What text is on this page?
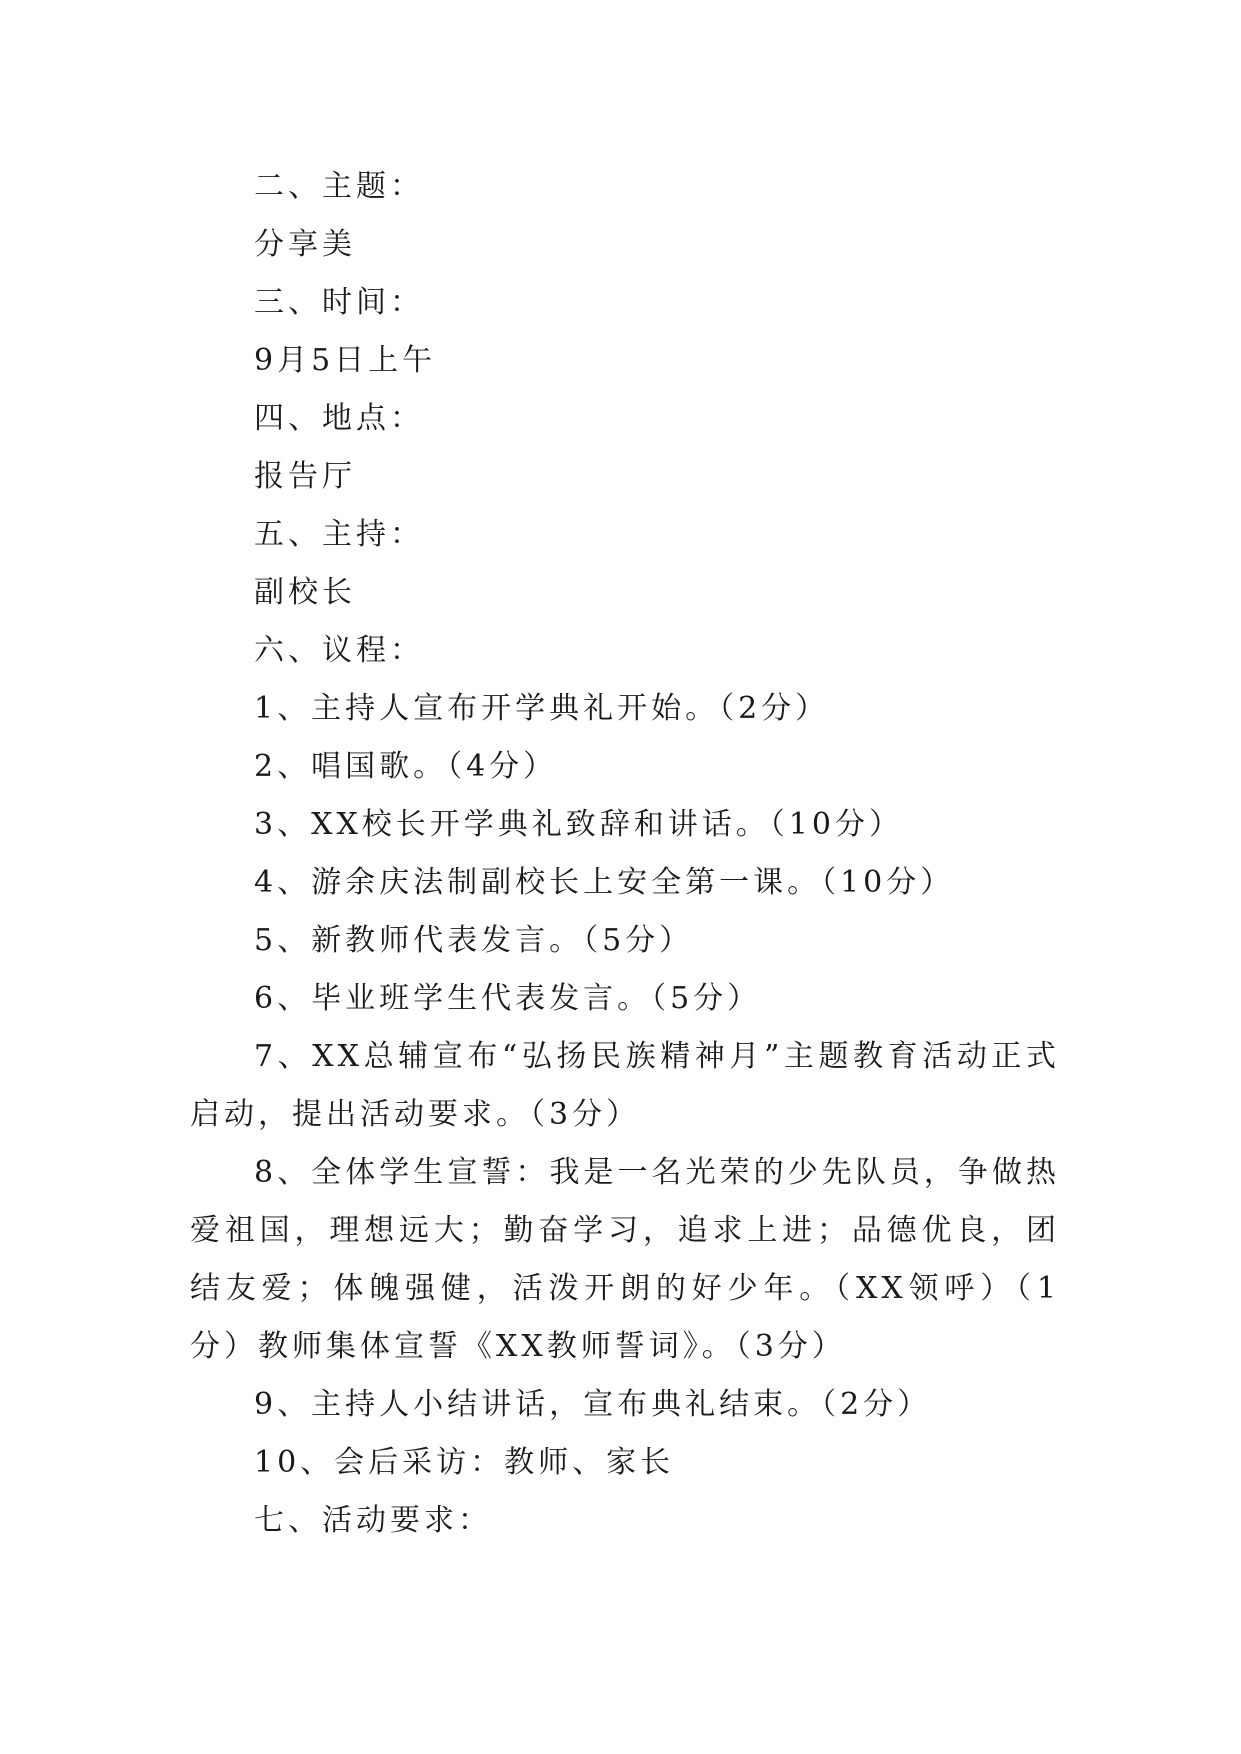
二、主题：

分享美

三、时间：

9月5日上午

四、地点：

报告厅

五、主持：

副校长

六、议程：

1、主持人宣布开学典礼开始。（2分）

2、唱国歌。（4分）

3、XX校长开学典礼致辞和讲话。（10分）

4、游余庆法制副校长上安全第一课。（10分）

5、新教师代表发言。（5分）

6、毕业班学生代表发言。（5分）

7、XX总辅宣布“弘扬民族精神月”主题教育活动正式启动，提出活动要求。（3分）

8、全体学生宣誓：我是一名光荣的少先队员，争做热爱祖国，理想远大；勤奋学习，追求上进；品德优良，团结友爱；体魄强健，活泼开朗的好少年。（XX领呼）（1分）教师集体宣誓《XX教师誓词》。（3分）

9、主持人小结讲话，宣布典礼结束。（2分）

10、会后采访：教师、家长

七、活动要求：
